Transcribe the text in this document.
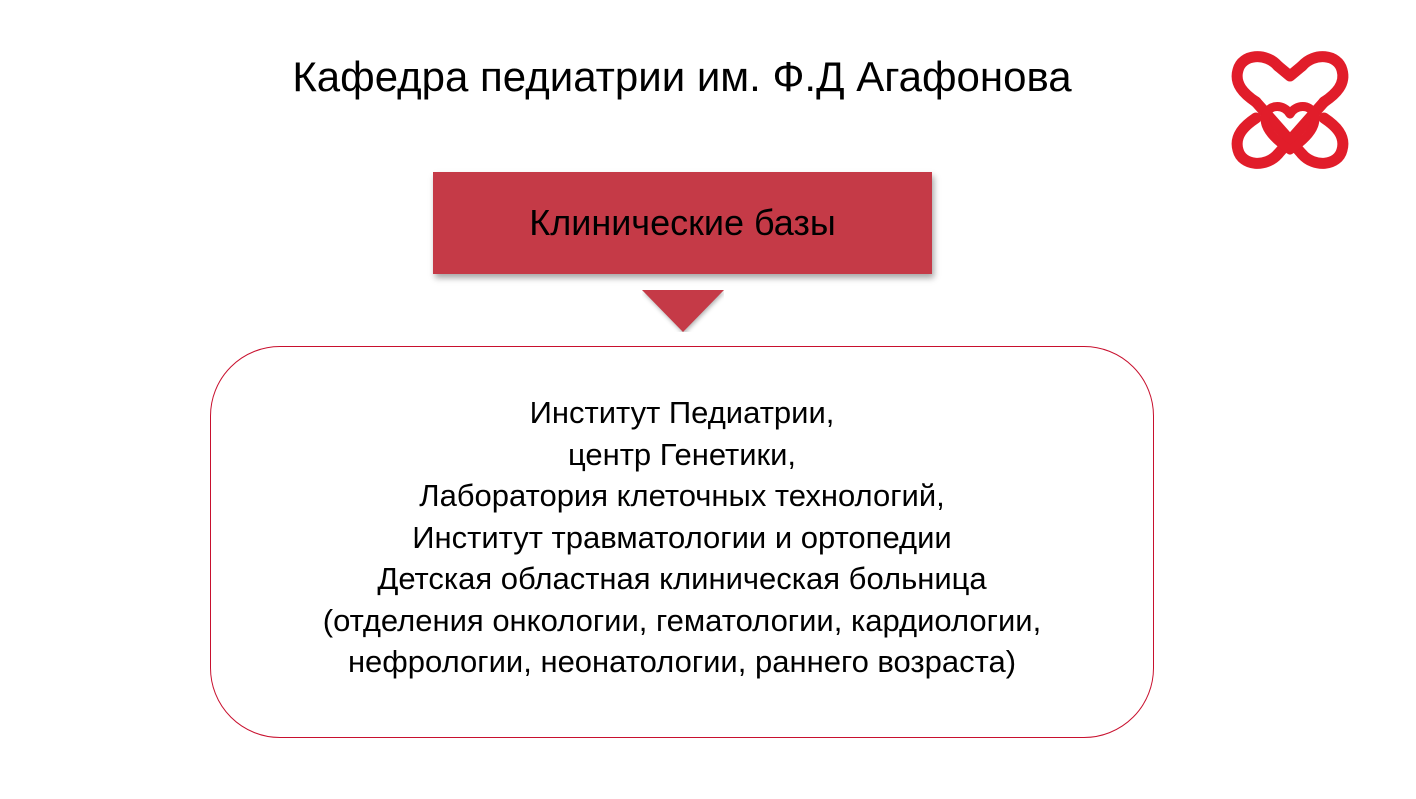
Кафедра педиатрии им. Ф.Д Агафонова
Клинические базы
Институт Педиатрии,
центр Генетики,
Лаборатория клеточных технологий,
Институт травматологии и ортопедии
Детская областная клиническая больница
(отделения онкологии, гематологии, кардиологии,
нефрологии, неонатологии, раннего возраста)
